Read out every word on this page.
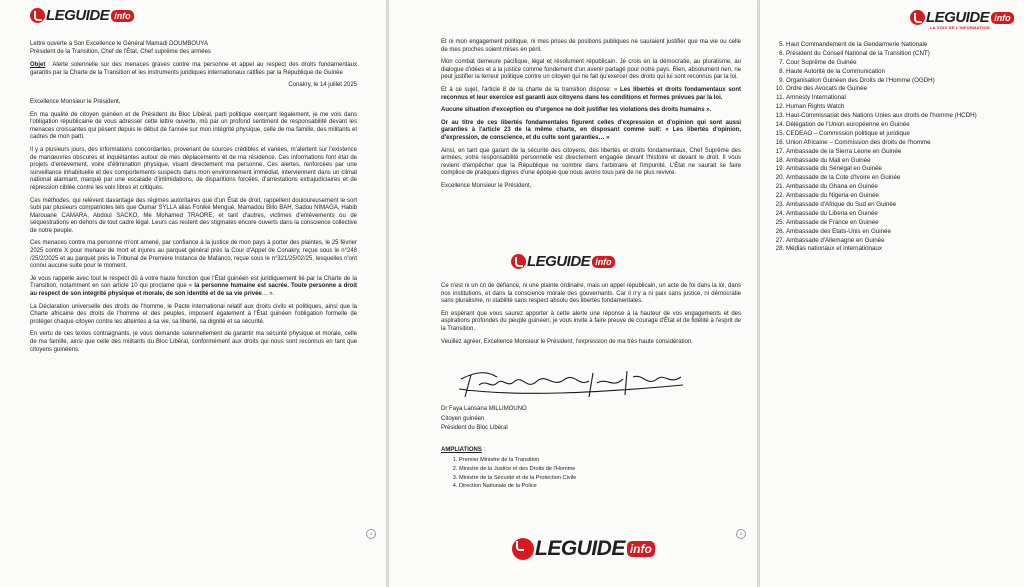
LEGUIDE info
Lettre ouverte à Son Excellence le Général Mamadi DOUMBOUYA
Président de la Transition, Chef de l'État, Chef suprême des armées

Objet : Alerte solennelle sur des menaces graves contre ma personne et appel au respect des droits fondamentaux garantis par la Charte de la Transition et les instruments juridiques internationaux ratifiés par la République de Guinée

Conakry, le 14 juillet 2025

Excellence Monsieur le Président,

En ma qualité de citoyen guinéen et de Président du Bloc Libéral, parti politique exerçant légalement, je me vois dans l'obligation républicaine de vous adresser cette lettre ouverte, mû par un profond sentiment de responsabilité devant les menaces croissantes qui pèsent depuis le début de l'année sur mon intégrité physique, celle de ma famille, des militants et cadres de mon parti.

Il y a plusieurs jours, des informations concordantes, provenant de sources crédibles et variées, m'alertent sur l'existence de manœuvres obscures et inquiétantes autour de mes déplacements et de ma résidence. Ces informations font état de projets d'enlèvement, voire d'élimination physique, visant directement ma personne. Ces alertes, renforcées par une surveillance inhabituelle et des comportements suspects dans mon environnement immédiat, interviennent dans un climat national alarmant, marqué par une escalade d'intimidations, de disparitions forcées, d'arrestations extrajudiciaires et de répression ciblée contre les voix libres et critiques.

Ces méthodes, qui relèvent davantage des régimes autoritaires que d'un État de droit, rappellent douloureusement le sort subi par plusieurs compatriotes tels que Oumar SYLLA alias Foniké Menguè, Mamadou Billo BAH, Sadou NIMAGA, Habib Marouane CAMARA, Abdoul SACKO, Me Mohamed TRAORE, et tant d'autres, victimes d'enlèvements ou de séquestrations en dehors de tout cadre légal. Leurs cas restent des stigmates encore ouverts dans la conscience collective de notre peuple.

Ces menaces contre ma personne m'ont amené, par confiance à la justice de mon pays à porter des plaintes, le 25 février 2025 contre X pour menace de mort et injures au parquet général près la Cour d'Appel de Conakry, reçue sous le n°248 /25/2/2025 et au parquet près le Tribunal de Première Instance de Mafanco, reçue sous le n°321/25/02/25, lesquelles n'ont connu aucune suite pour le moment.

Je vous rappelle avec tout le respect dû à votre haute fonction que l'État guinéen est juridiquement lié par la Charte de la Transition, notamment en son article 10 qui proclame que « la personne humaine est sacrée. Toute personne a droit au respect de son intégrité physique et morale, de son identité et de sa vie privée… ».

La Déclaration universelle des droits de l'homme, le Pacte international relatif aux droits civils et politiques, ainsi que la Charte africaine des droits de l'homme et des peuples, imposent également à l'État guinéen l'obligation formelle de protéger chaque citoyen contre les atteintes à sa vie, sa liberté, sa dignité et sa sécurité.

En vertu de ces textes contraignants, je vous demande solennellement de garantir ma sécurité physique et morale, celle de ma famille, ainsi que celle des militants du Bloc Libéral, conformément aux droits qui nous sont reconnus en tant que citoyens guinéens.

1

Et ni mon engagement politique, ni mes prises de positions publiques ne sauraient justifier que ma vie ou celle de mes proches soient mises en péril.

Mon combat demeure pacifique, légal et résolument républicain. Je crois en la démocratie, au pluralisme, au dialogue d'idées et à la justice comme fondement d'un avenir partagé pour notre pays. Rien, absolument rien, ne peut justifier la terreur politique contre un citoyen qui ne fait qu'exercer des droits qui lui sont reconnus par la loi.

Et à ce sujet, l'article 8 de la charte de la transition dispose: « Les libertés et droits fondamentaux sont reconnus et leur exercice est garanti aux citoyens dans les conditions et formes prévues par la loi.

Aucune situation d'exception ou d'urgence ne doit justifier les violations des droits humains ».

Or au titre de ces libertés fondamentales figurent celles d'expression et d'opinion qui sont aussi garanties à l'article 23 de la même charte, en disposant comme suit: « Les libertés d'opinion, d'expression, de conscience, et du culte sont garanties… »

Ainsi, en tant que garant de la sécurité des citoyens, des libertés et droits fondamentaux, Chef Suprême des armées, votre responsabilité personnelle est directement engagée devant l'histoire et devant le droit. Il vous revient d'empêcher que la République ne sombre dans l'arbitraire et l'impunité. L'État ne saurait se faire complice de pratiques dignes d'une époque que nous avons tous juré de ne plus revivre.

Excellence Monsieur le Président,

LEGUIDE info

Ce n'est ni un cri de défiance, ni une plainte ordinaire, mais un appel républicain, un acte de foi dans la loi, dans nos institutions, et dans la conscience morale des gouvernants. Car il n'y a ni paix sans justice, ni démocratie sans pluralisme, ni stabilité sans respect absolu des libertés fondamentales.

En espérant que vous saurez apporter à cette alerte une réponse à la hauteur de vos engagements et des aspirations profondes du peuple guinéen, je vous invite à faire preuve de courage d'État et de fidélité à l'esprit de la Transition.

Veuillez agréer, Excellence Monsieur le Président, l'expression de ma très haute considération.

Dr Faya Lansana MILLIMOUNO
Citoyen guinéen
Président du Bloc Libéral
AMPLIATIONS :
1. Premier Ministre de la Transition
2. Ministre de la Justice et des Droits de l'Homme
3. Ministre de la Sécurité et de la Protection Civile
4. Direction Nationale de la Police
2
LEGUIDE info
LEGUIDE info
LA VOIX DE L'INFORMATION
5. Haut Commandement de la Gendarmerie Nationale
6. Président du Conseil National de la Transition (CNT)
7. Cour Suprême de Guinée
8. Haute Autorité de la Communication
9. Organisation Guinéen des Droits de l'Homme (OGDH)
10. Ordre des Avocats de Guinée
11. Amnesty International
12. Human Rights Watch
13. Haut-Commissariat des Nations Unies aux droits de l'homme (HCDH)
14. Délégation de l'Union européenne en Guinée
15. CEDEAO – Commission politique et juridique
16. Union Africaine – Commission des droits de l'homme
17. Ambassade de la Sierra Leone en Guinée
18. Ambassade du Mali en Guinée
19. Ambassade du Sénégal en Guinée
20. Ambassade de la Cote d'Ivoire en Guinée
21. Ambassade du Ghana en Guinée
22. Ambassade du Nigeria en Guinée
23. Ambassade d'Afrique du Sud en Guinée
24. Ambassade du Liberia en Guinée
25. Ambassade de France en Guinée
26. Ambassade des Etats-Unis en Guinée
27. Ambassade d'Allemagne en Guinée
28. Médias nationaux et internationaux
